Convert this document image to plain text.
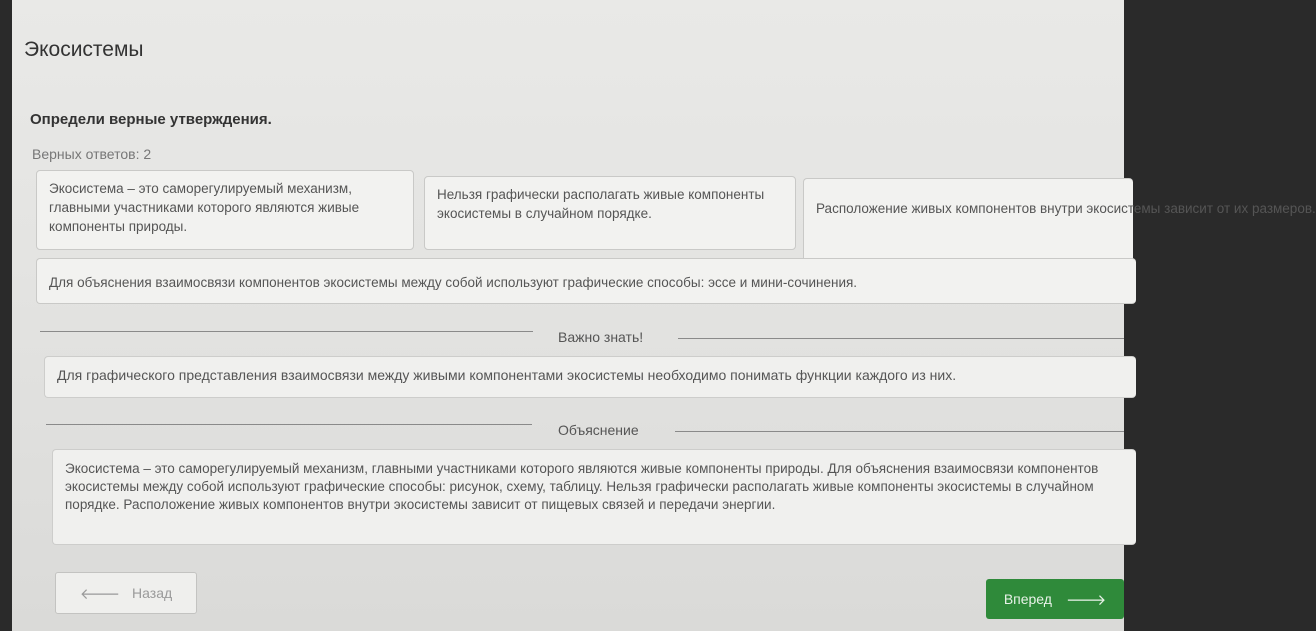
Экосистемы
Определи верные утверждения.
Верных ответов: 2
Экосистема – это саморегулируемый механизм, главными участниками которого являются живые компоненты природы.
Нельзя графически располагать живые компоненты экосистемы в случайном порядке.	Расположение живых компонентов внутри экосистемы зависит от их размеров.
Для объяснения взаимосвязи компонентов экосистемы между собой используют графические способы: эссе и мини-сочинения.
Важно знать!
Для графического представления взаимосвязи между живыми компонентами экосистемы необходимо понимать функции каждого из них.
Объяснение
Экосистема – это саморегулируемый механизм, главными участниками которого являются живые компоненты природы. Для объяснения взаимосвязи компонентов экосистемы между собой используют графические способы: рисунок, схему, таблицу. Нельзя графически располагать живые компоненты экосистемы в случайном порядке. Расположение живых компонентов внутри экосистемы зависит от пищевых связей и передачи энергии.
🡐 Назад	Вперед 🡒
